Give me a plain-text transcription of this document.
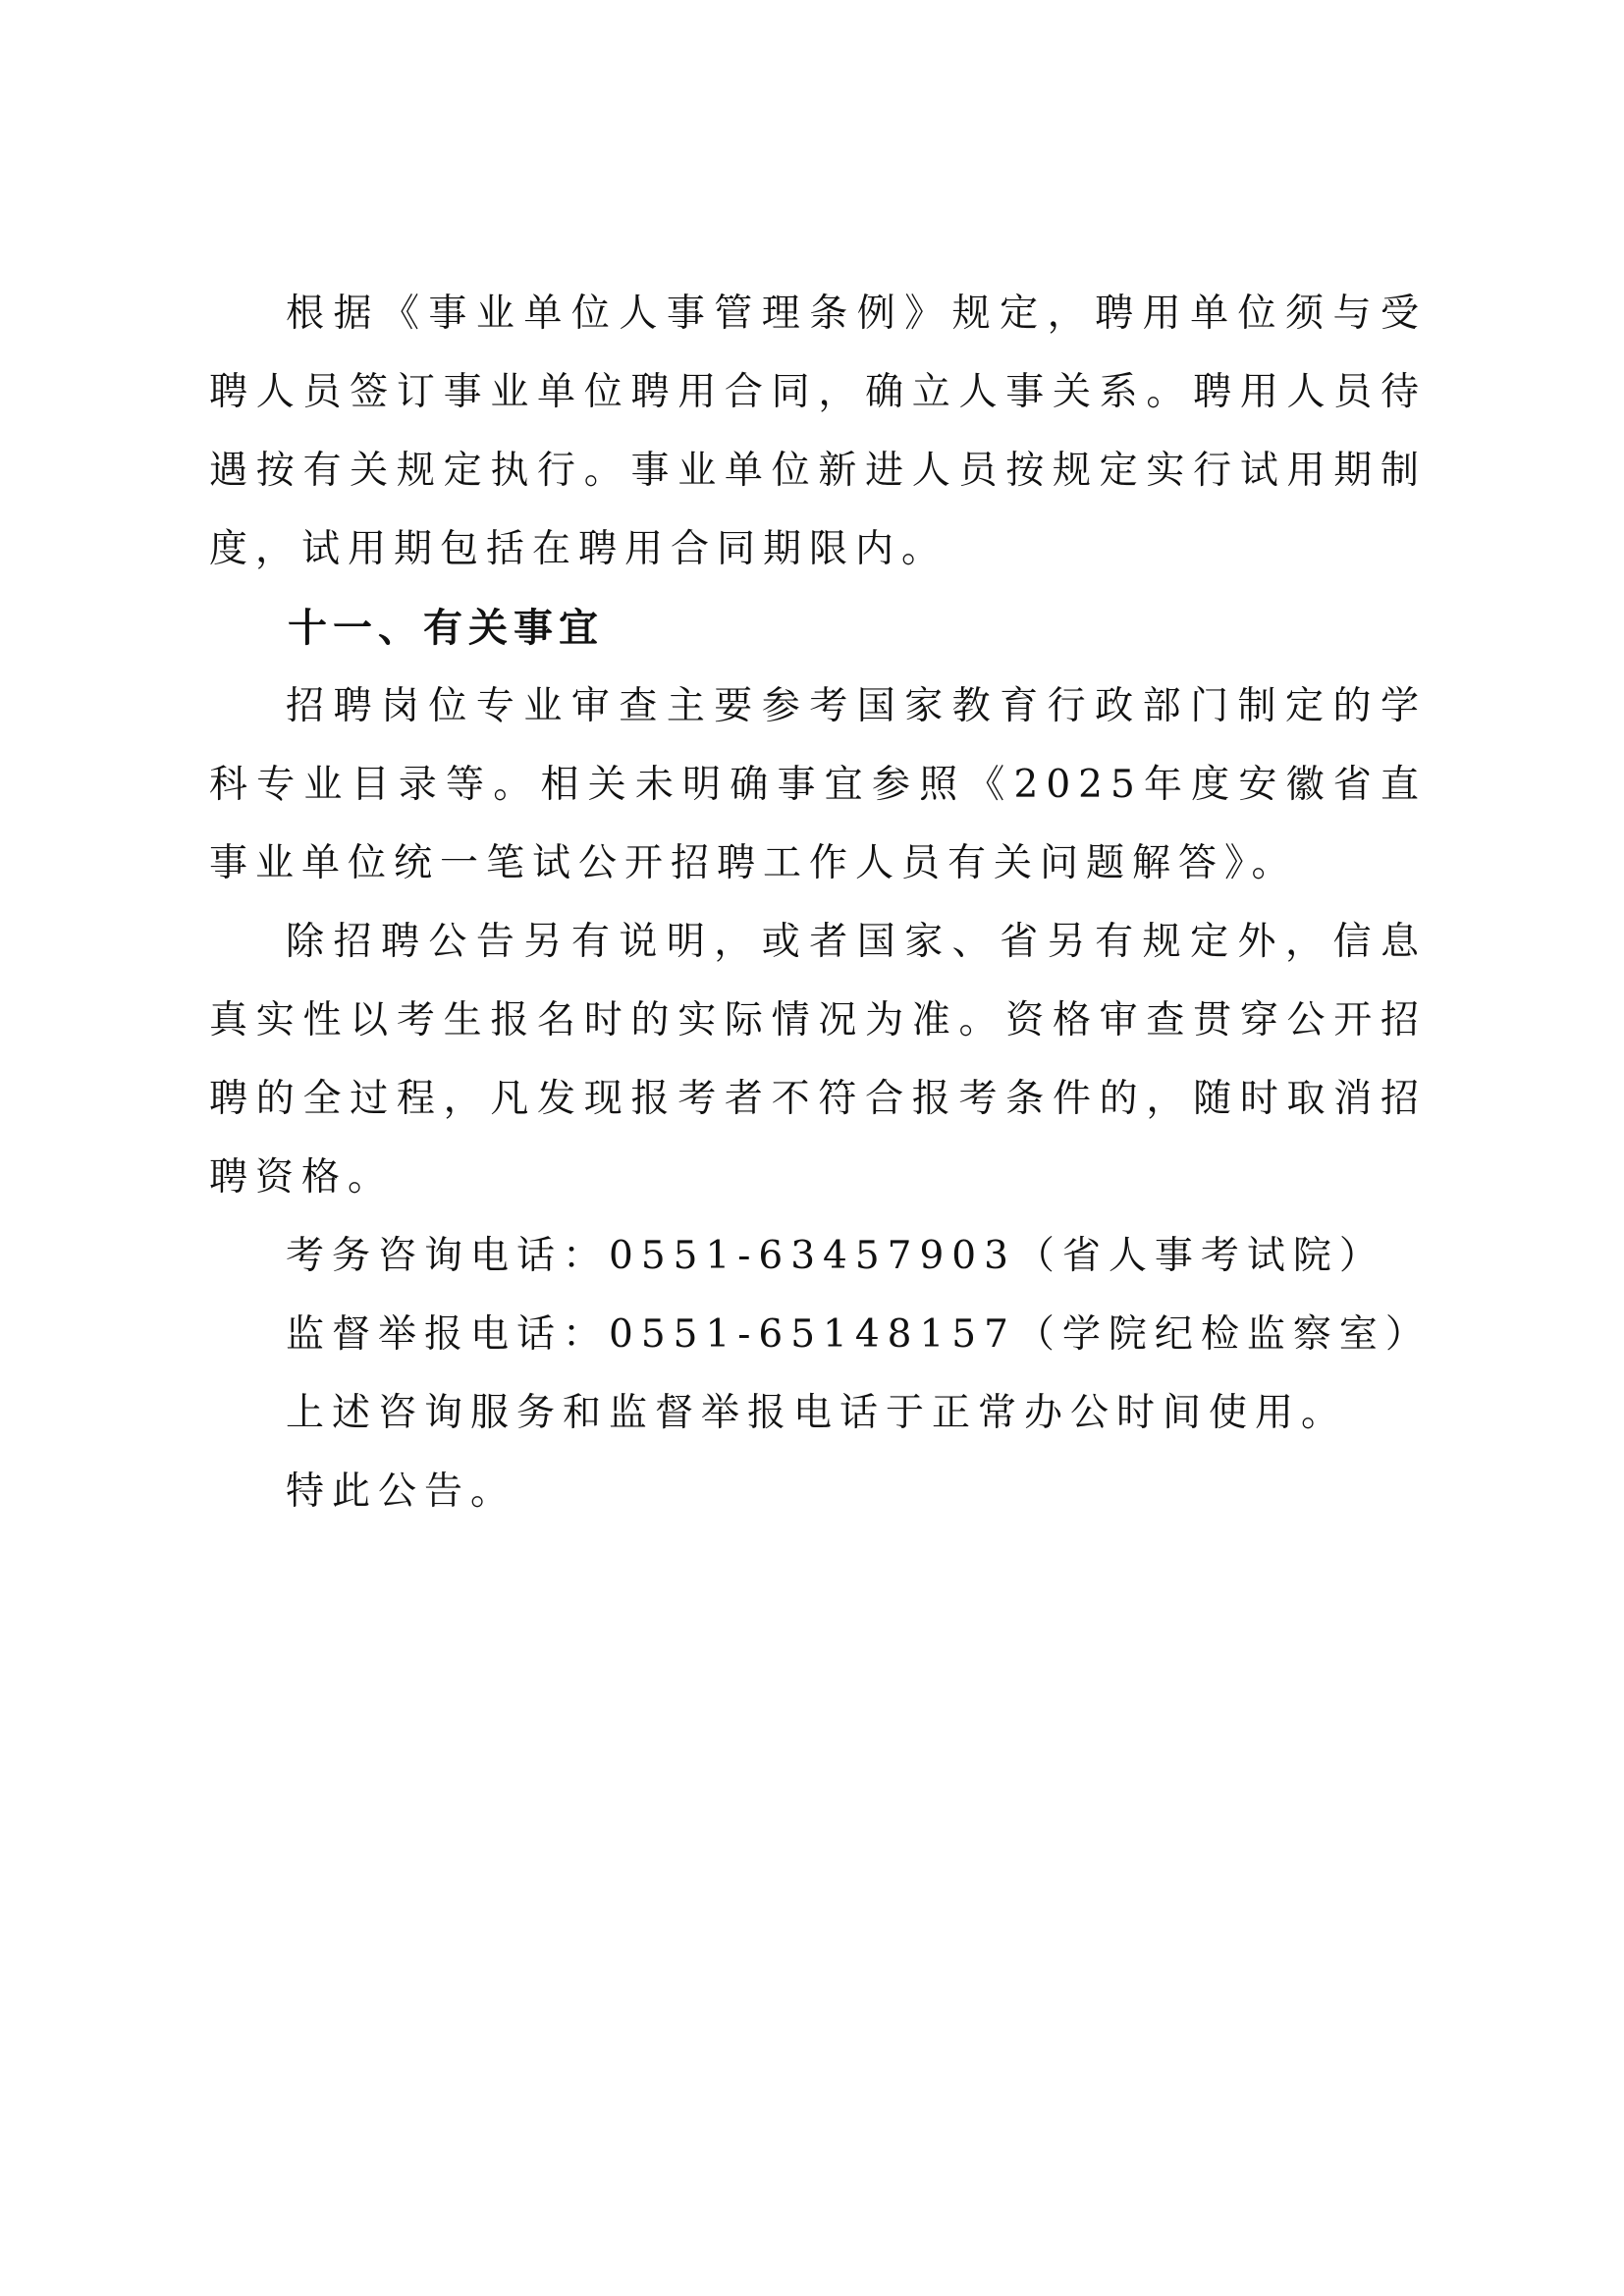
根据《事业单位人事管理条例》规定，聘用单位须与受聘人员签订事业单位聘用合同，确立人事关系。聘用人员待遇按有关规定执行。事业单位新进人员按规定实行试用期制度，试用期包括在聘用合同期限内。

十一、有关事宜

招聘岗位专业审查主要参考国家教育行政部门制定的学科专业目录等。相关未明确事宜参照《2025年度安徽省直事业单位统一笔试公开招聘工作人员有关问题解答》。

除招聘公告另有说明，或者国家、省另有规定外，信息真实性以考生报名时的实际情况为准。资格审查贯穿公开招聘的全过程，凡发现报考者不符合报考条件的，随时取消招聘资格。

考务咨询电话：0551-63457903（省人事考试院）

监督举报电话：0551-65148157（学院纪检监察室）

上述咨询服务和监督举报电话于正常办公时间使用。

特此公告。
